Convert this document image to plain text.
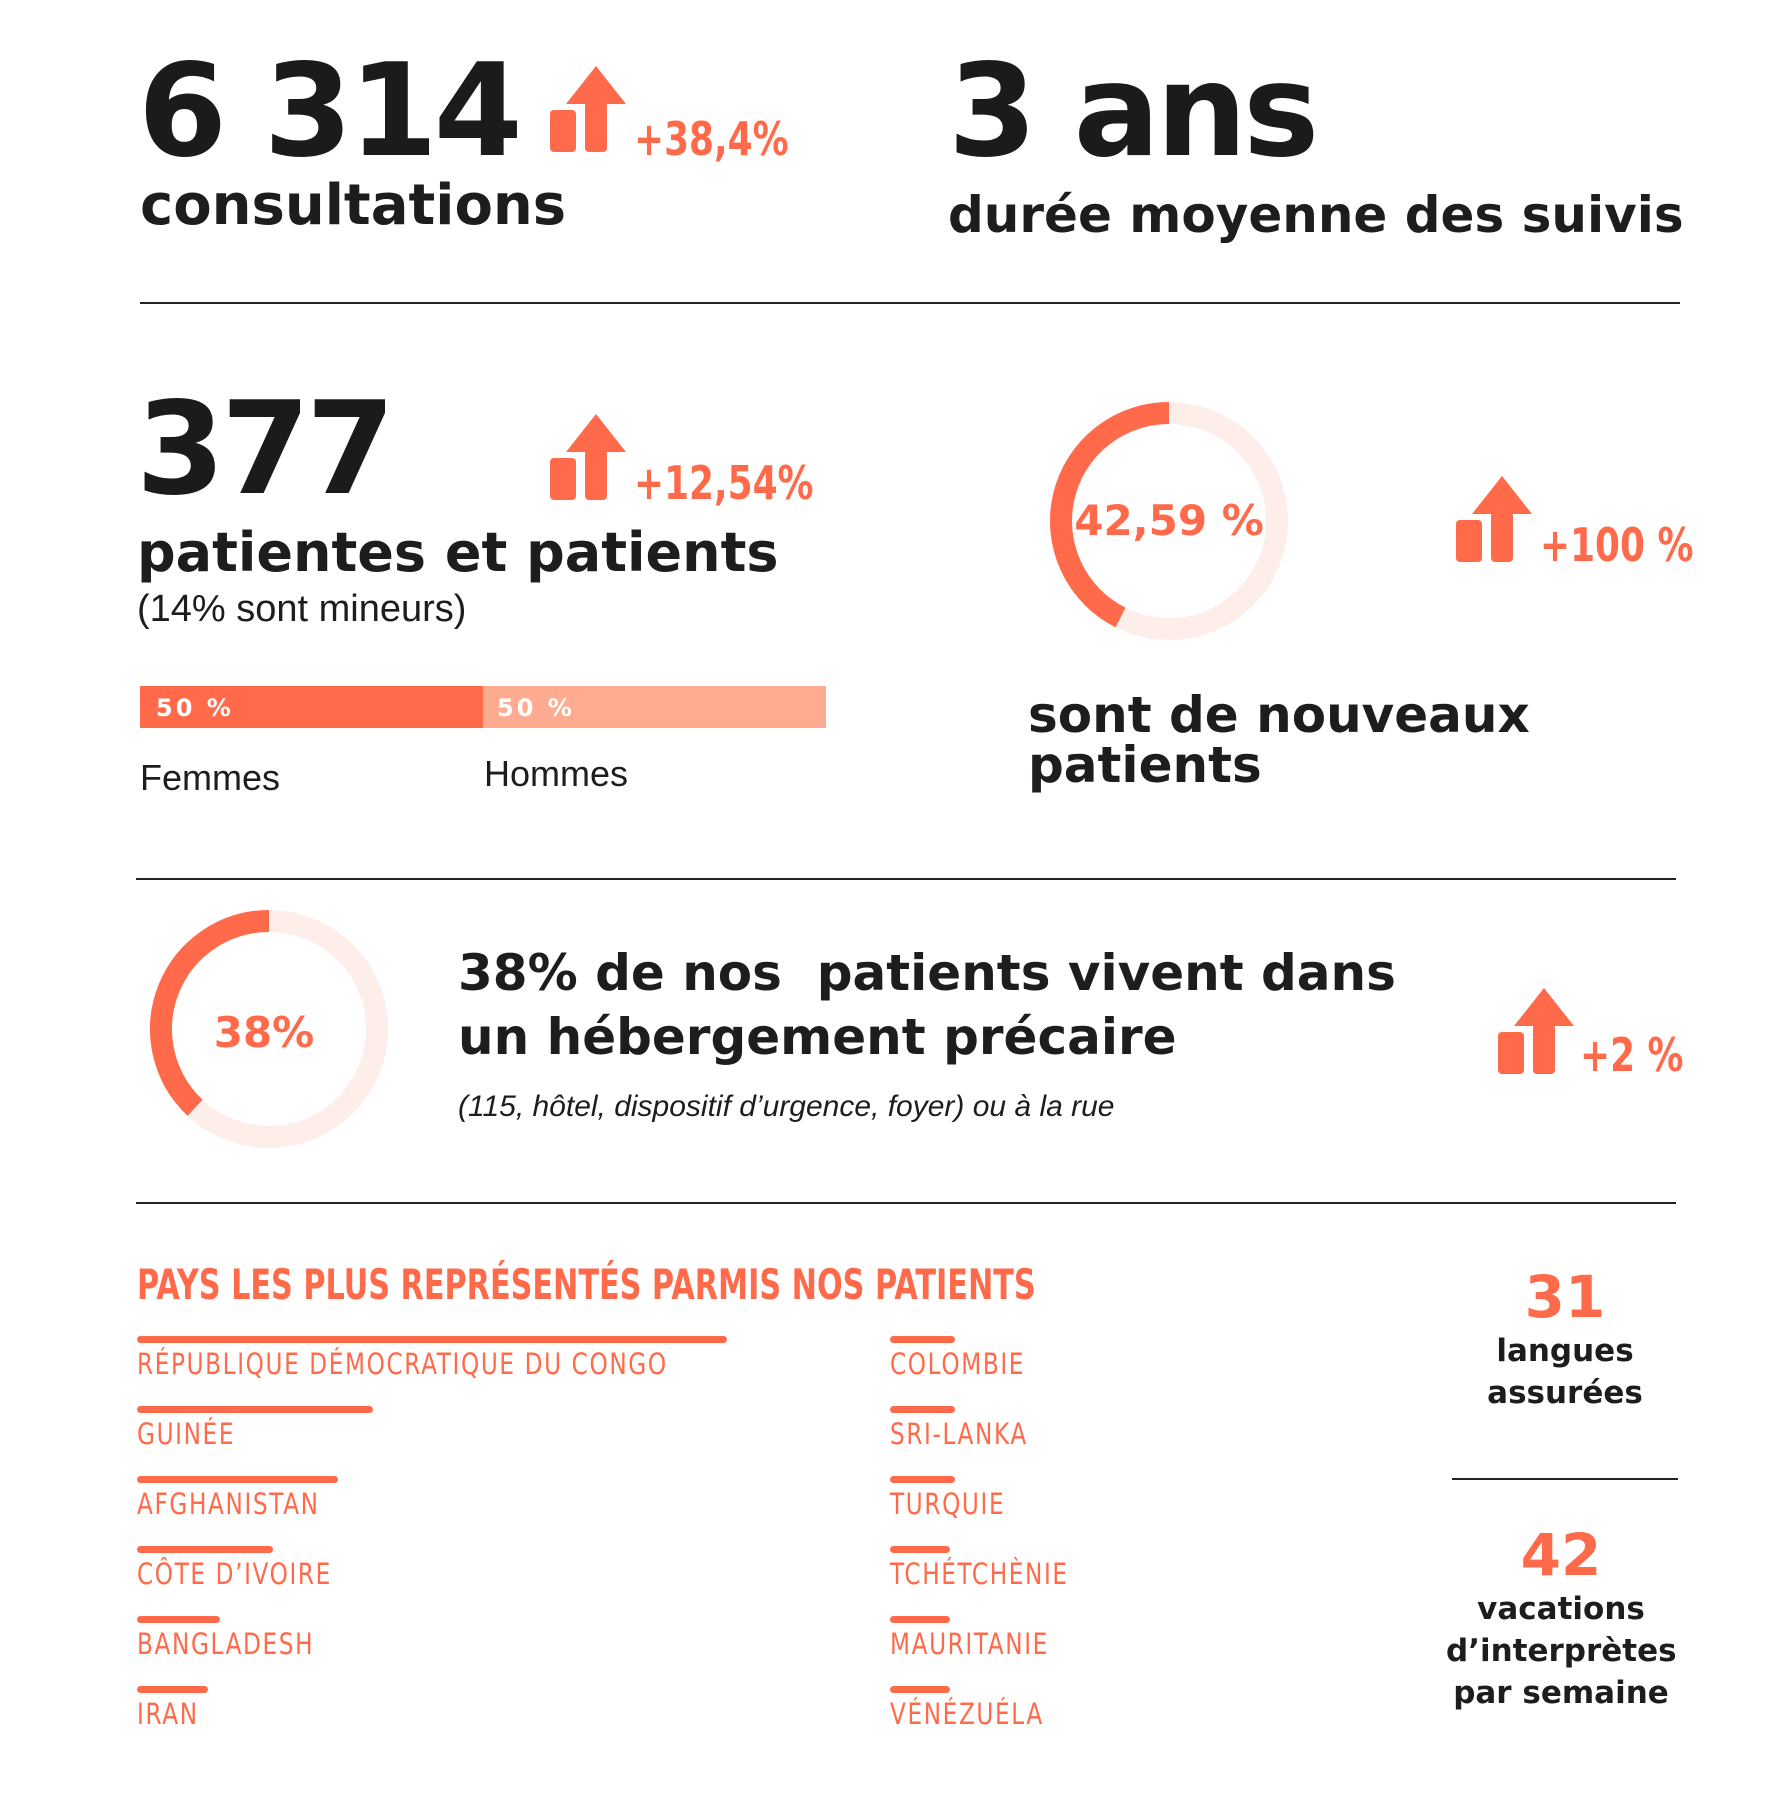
6 314
consultations
+38,4% 3 ans
durée moyenne des suivis
377	+12,54%
patientes et patients
(14% sont mineurs)
50 %	50 %
Femmes	Hommes
42,59 %	+100 %
sont de nouveaux patients
38%
38% de nos  patients vivent dans
un hébergement précaire
(115, hôtel, dispositif d’urgence, foyer) ou à la rue
+2 %
PAYS LES PLUS REPRÉSENTÉS PARMIS NOS PATIENTS
RÉPUBLIQUE DÉMOCRATIQUE DU CONGO
GUINÉE
AFGHANISTAN
CÔTE D’IVOIRE
BANGLADESH
IRAN
COLOMBIE
SRI-LANKA
TURQUIE
TCHÉTCHÈNIE
MAURITANIE
VÉNÉZUÉLA
31
langues
assurées
42
vacations
d’interprètes
par semaine
